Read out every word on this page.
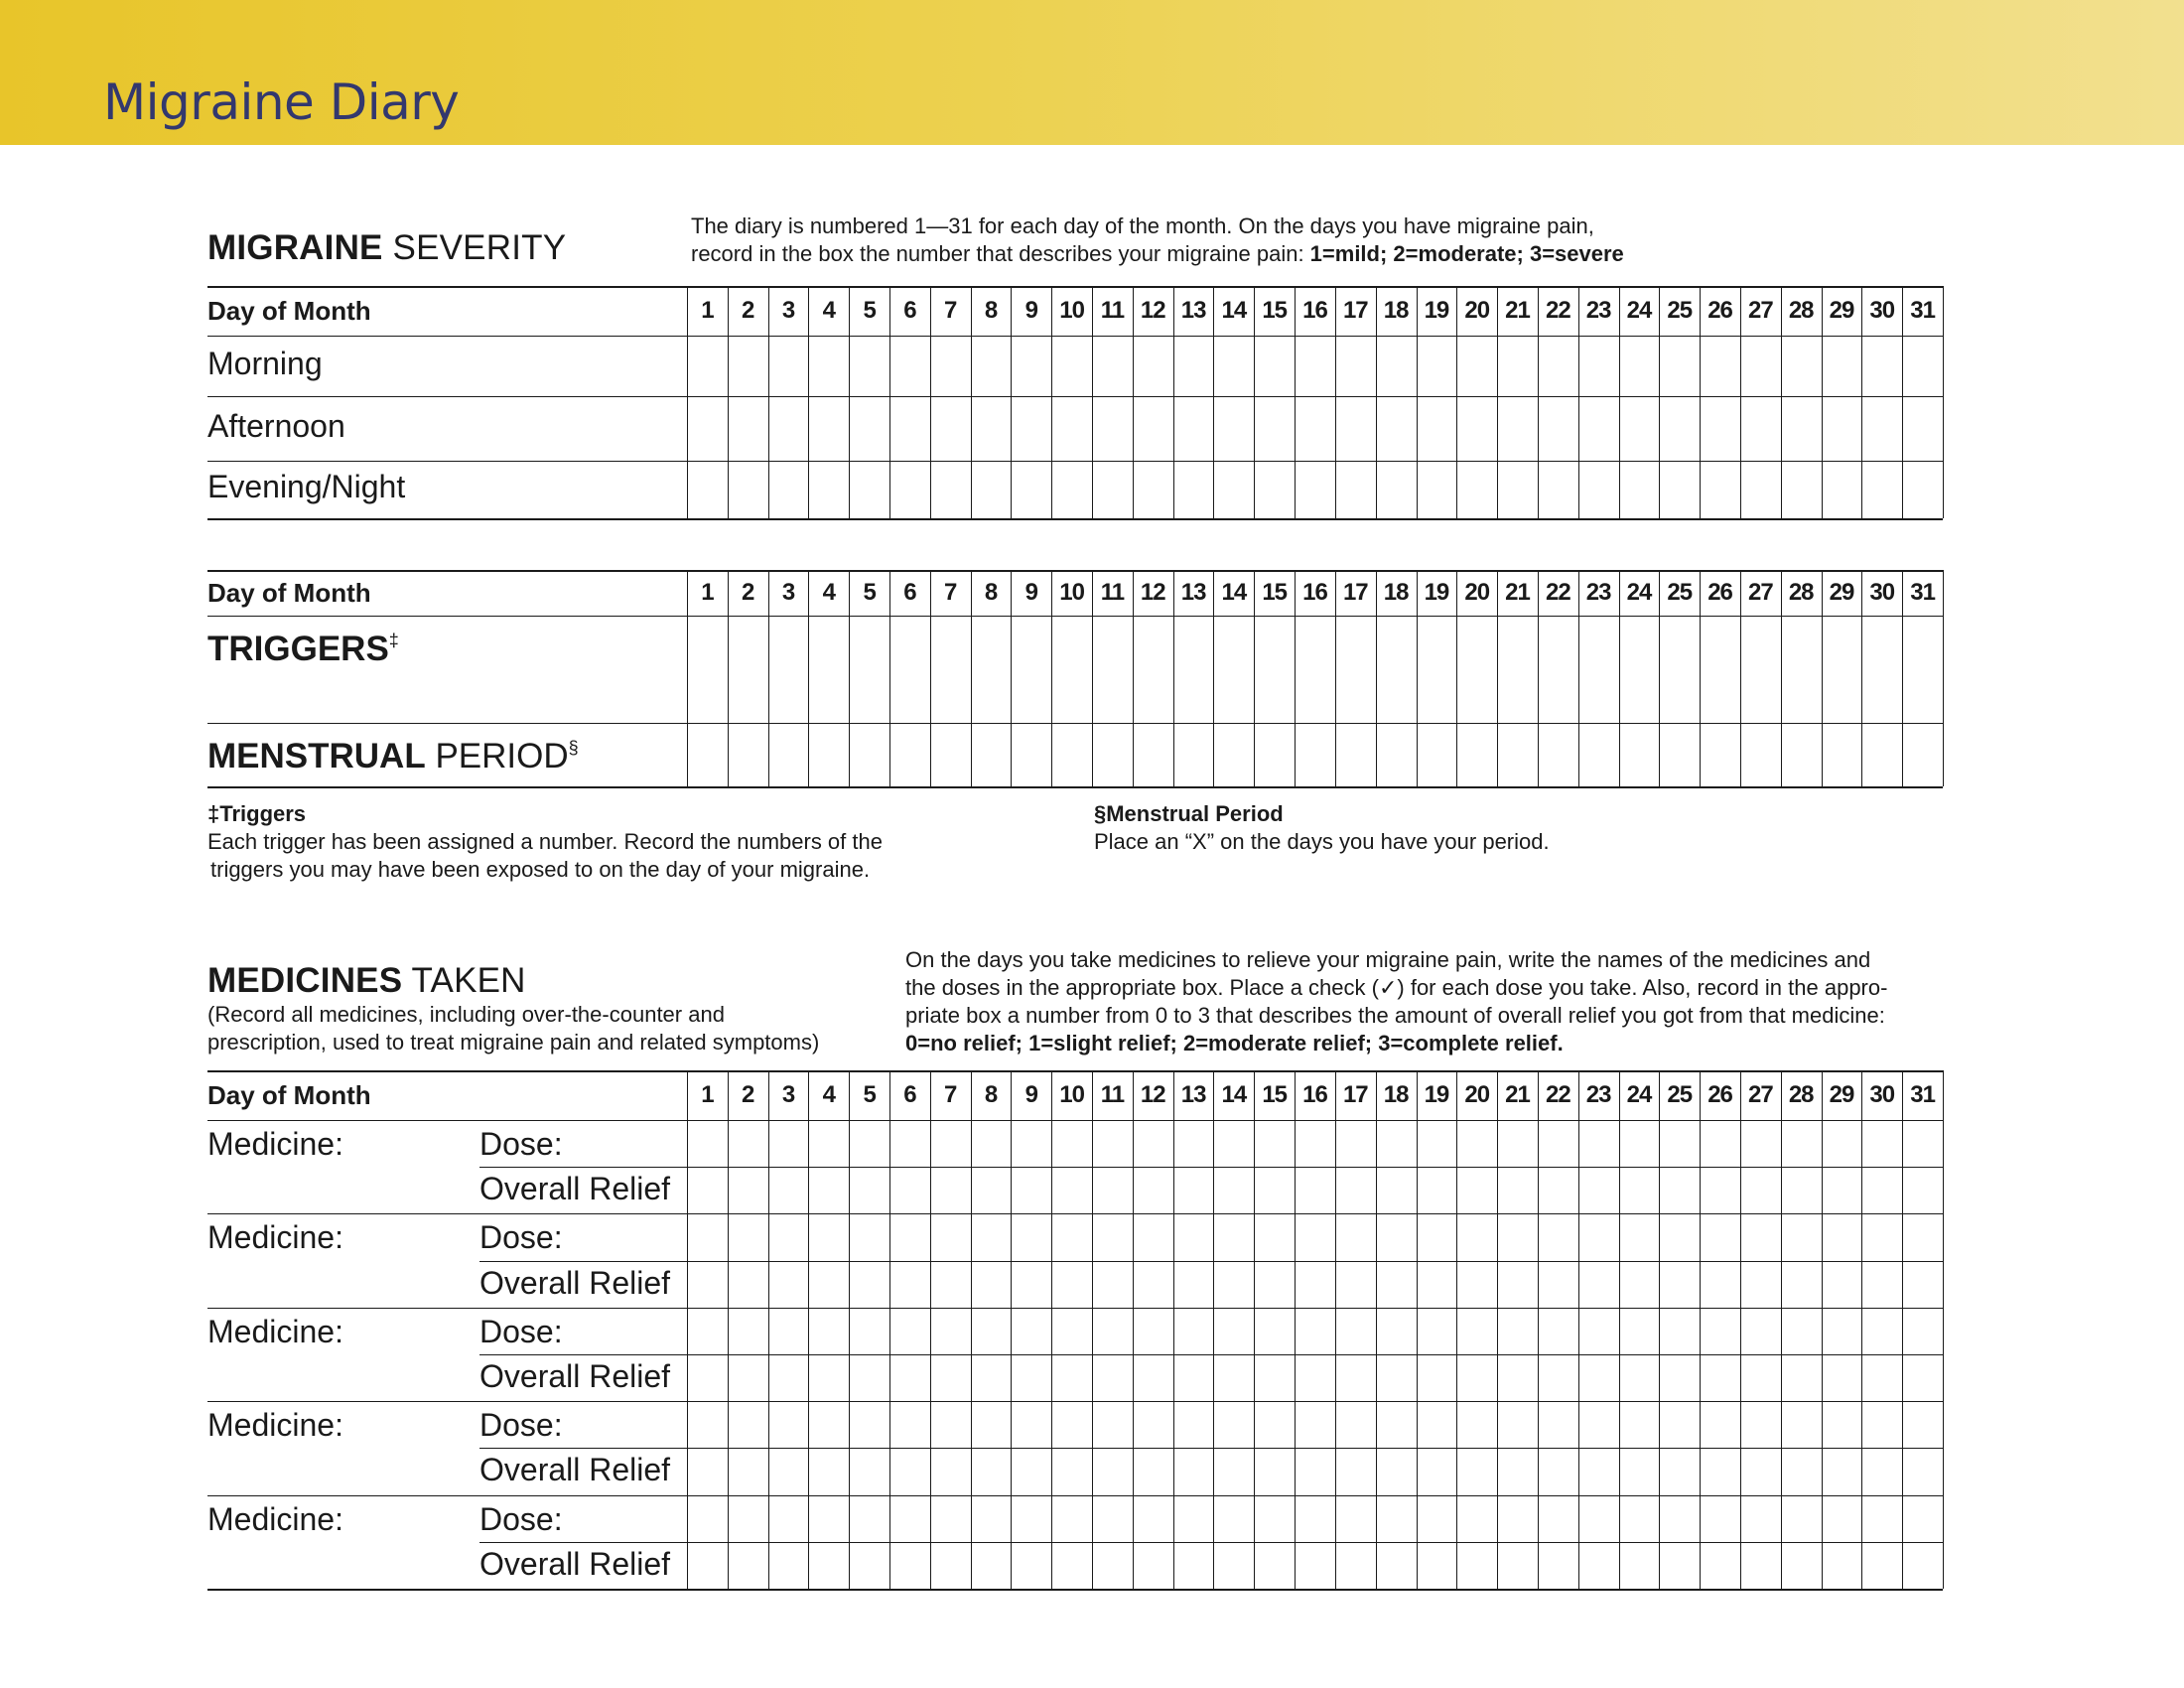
Migraine Diary
MIGRAINE SEVERITY
The diary is numbered 1—31 for each day of the month. On the days you have migraine pain,
record in the box the number that describes your migraine pain: 1=mild; 2=moderate; 3=severe
Day of Month	1	2	3	4	5	6	7	8	9 10 11 12 13 14 15 16 17 18 19 20 21 22 23 24 25 26 27 28 29 30 31
Morning
Afternoon
Evening/Night
Day of Month	1	2	3	4	5	6	7	8	9 10 11 12 13 14 15 16 17 18 19 20 21 22 23 24 25 26 27 28 29 30 31
TRIGGERS‡
MENSTRUAL PERIOD§
‡Triggers
Each trigger has been assigned a number. Record the numbers of the
triggers you may have been exposed to on the day of your migraine.
§Menstrual Period
Place an “X” on the days you have your period.
MEDICINES TAKEN
(Record all medicines, including over-the-counter and
prescription, used to treat migraine pain and related symptoms)
On the days you take medicines to relieve your migraine pain, write the names of the medicines and
the doses in the appropriate box. Place a check (✓) for each dose you take. Also, record in the appro-
priate box a number from 0 to 3 that describes the amount of overall relief you got from that medicine:
0=no relief; 1=slight relief; 2=moderate relief; 3=complete relief.
Day of Month	1	2	3	4	5	6	7	8	9 10 11 12 13 14 15 16 17 18 19 20 21 22 23 24 25 26 27 28 29 30 31
Medicine:	Dose:
Overall Relief
Medicine:	Dose:
Overall Relief
Medicine:	Dose:
Overall Relief
Medicine:	Dose:
Overall Relief
Medicine:	Dose:
Overall Relief
